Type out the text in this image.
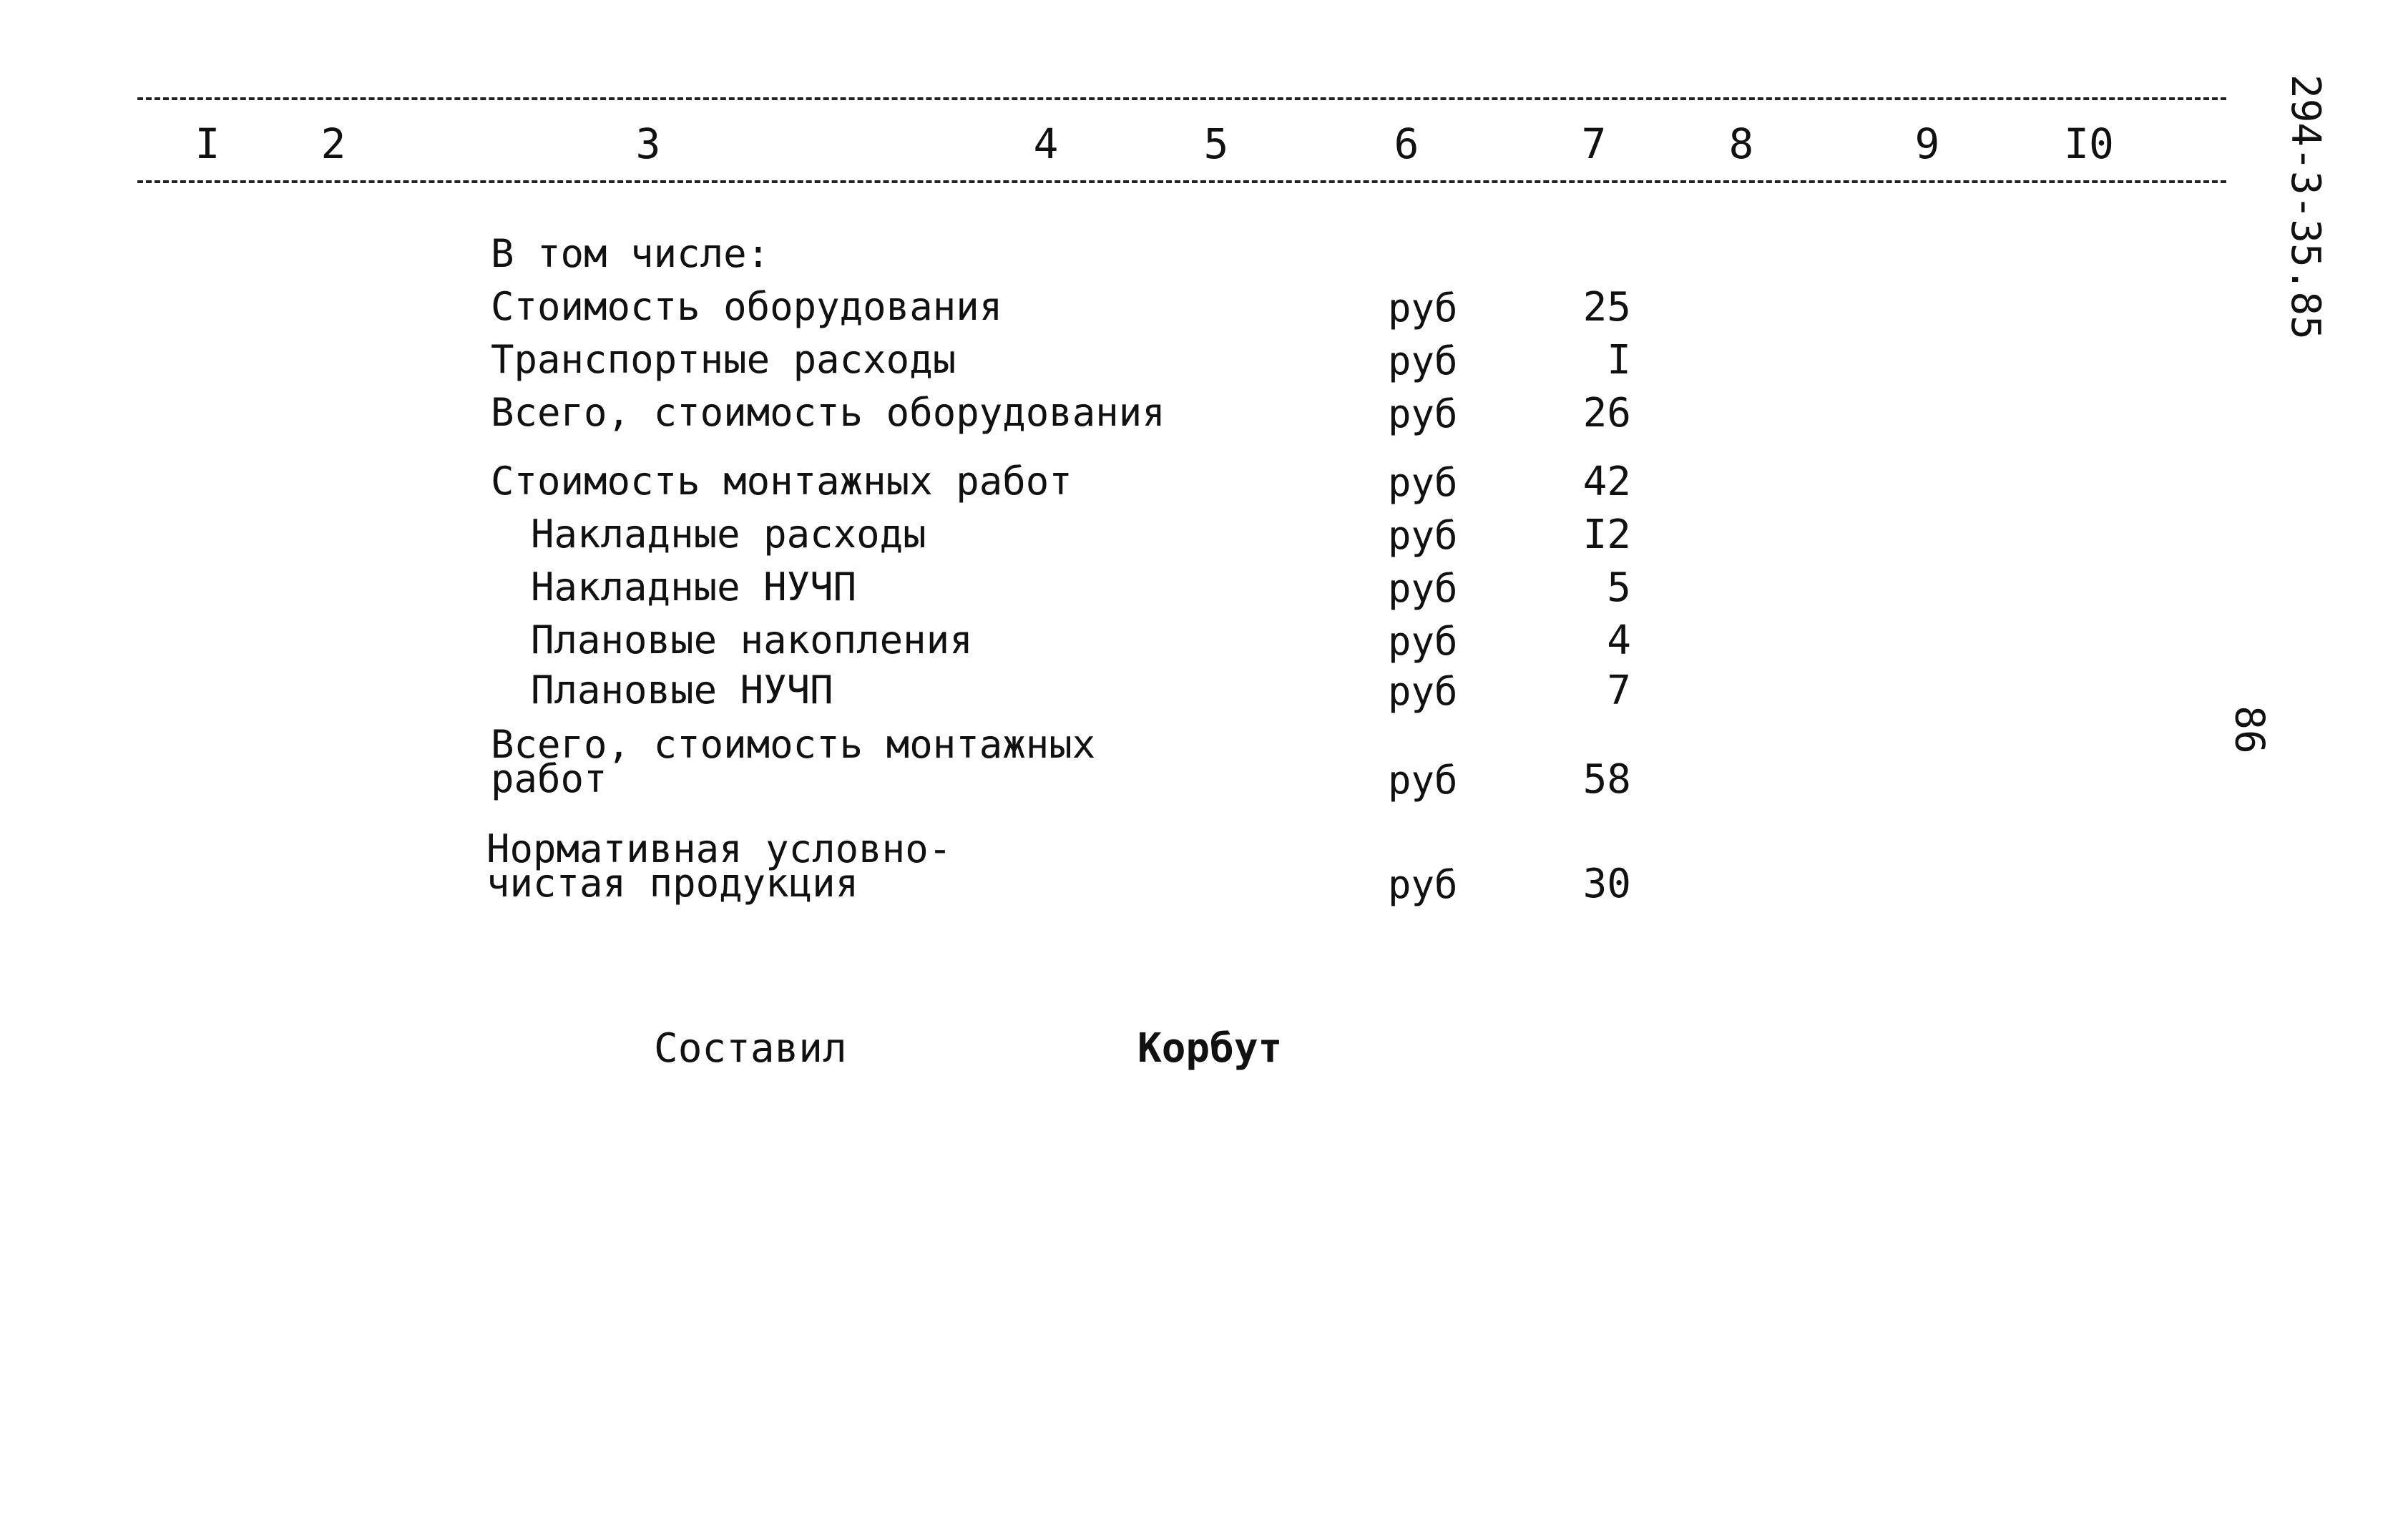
I 2	3	4	5	6	7	8	9	I0	294-3-35.85
86
В том числе:
Стоимость оборудования	руб	25
Транспортные расходы	руб	I
Всего, стоимость оборудования	руб	26
Стоимость монтажных работ	руб	42
Накладные расходы	руб	I2
Накладные НУЧП	руб	5
Плановые накопления	руб	4
Плановые НУЧП	руб	7
Всего, стоимость монтажных
работ	руб	58
Нормативная условно-
чистая продукция	руб	30
Составил	Корбут
